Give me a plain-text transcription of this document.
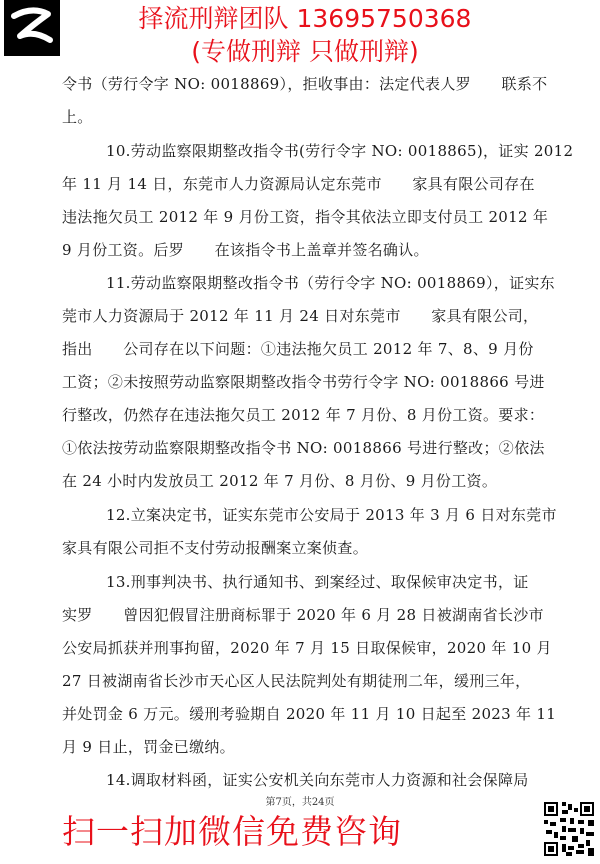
择流刑辩团队 13695750368
(专做刑辩 只做刑辩)
令书（劳行令字 NO: 0018869），拒收事由：法定代表人罗　　联系不
上。
10.劳动监察限期整改指令书(劳行令字 NO: 0018865)，证实 2012
年 11 月 14 日，东莞市人力资源局认定东莞市　　家具有限公司存在
违法拖欠员工 2012 年 9 月份工资，指令其依法立即支付员工 2012 年
9 月份工资。后罗　　在该指令书上盖章并签名确认。
11.劳动监察限期整改指令书（劳行令字 NO: 0018869），证实东
莞市人力资源局于 2012 年 11 月 24 日对东莞市　　家具有限公司，
指出　　公司存在以下问题：①违法拖欠员工 2012 年 7、8、9 月份
工资；②未按照劳动监察限期整改指令书劳行令字 NO: 0018866 号进
行整改，仍然存在违法拖欠员工 2012 年 7 月份、8 月份工资。要求：
①依法按劳动监察限期整改指令书 NO: 0018866 号进行整改；②依法
在 24 小时内发放员工 2012 年 7 月份、8 月份、9 月份工资。
12.立案决定书，证实东莞市公安局于 2013 年 3 月 6 日对东莞市
家具有限公司拒不支付劳动报酬案立案侦查。
13.刑事判决书、执行通知书、到案经过、取保候审决定书，证
实罗　　曾因犯假冒注册商标罪于 2020 年 6 月 28 日被湖南省长沙市
公安局抓获并刑事拘留，2020 年 7 月 15 日取保候审，2020 年 10 月
27 日被湖南省长沙市天心区人民法院判处有期徒刑二年，缓刑三年，
并处罚金 6 万元。缓刑考验期自 2020 年 11 月 10 日起至 2023 年 11
月 9 日止，罚金已缴纳。
14.调取材料函，证实公安机关向东莞市人力资源和社会保障局
第7页，共24页
扫一扫加微信免费咨询
